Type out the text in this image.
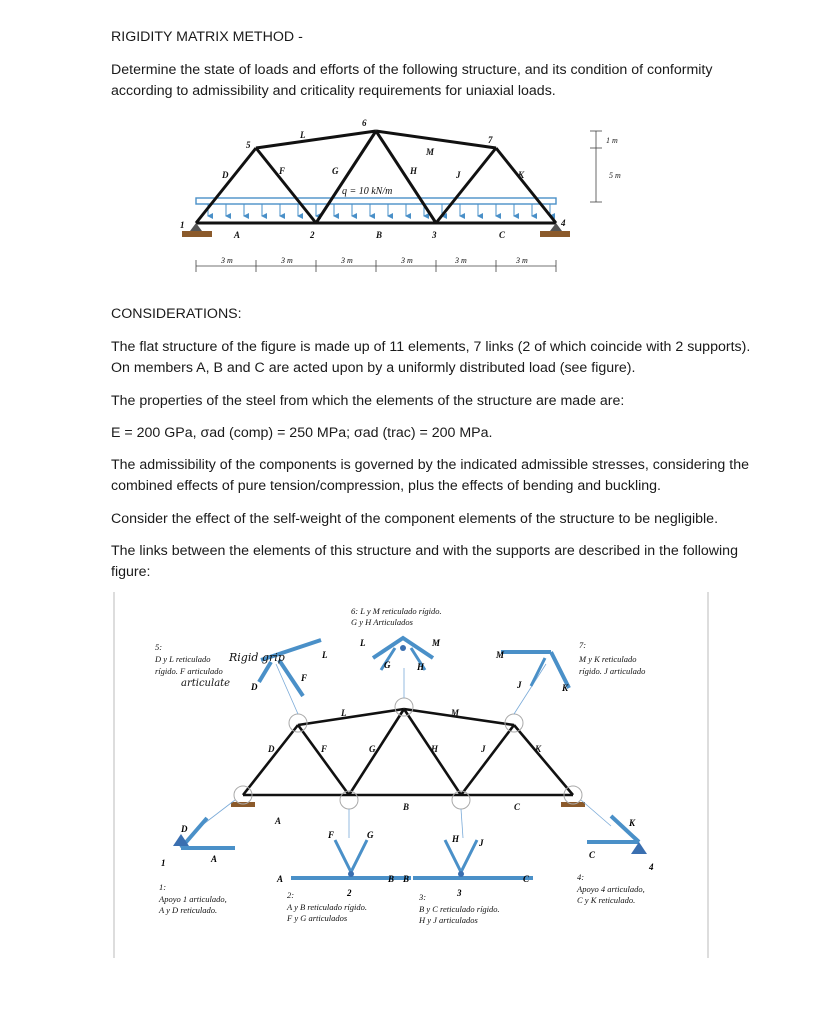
RIGIDITY MATRIX METHOD -

Determine the state of loads and efforts of the following structure, and its condition of conformity according to admissibility and criticality requirements for uniaxial loads.

1 m
5 m
q = 10 kN/m
1
2	3
4
5
6
7
A	B	C
D	F	G	H	J	K
L
M
3 m	3 m	3 m	3 m	3 m	3 m

CONSIDERATIONS:

The flat structure of the figure is made up of 11 elements, 7 links (2 of which coincide with 2 supports). On members A, B and C are acted upon by a uniformly distributed load (see figure).

The properties of the steel from which the elements of the structure are made are:

E = 200 GPa, σad (comp) = 250 MPa; σad (trac) = 200 MPa.

The admissibility of the components is governed by the indicated admissible stresses, considering the combined effects of pure tension/compression, plus the effects of bending and buckling.

Consider the effect of the self-weight of the component elements of the structure to be negligible.

The links between the elements of this structure and with the supports are described in the following figure:

A
B	C
D	F	G	H	J	K
L	M
L
F
D
L	M
G	H
M
J	K
D
A
1
A	B
F	G
2
B	C
H J
3
K
C
4
6: L y M reticulado rígido.
G y H Articulados
5:
D y L reticulado
rígido. F articulado
7:
M y K reticulado
rígido. J articulado
1:
Apoyo 1 articulado,
A y D reticulado.
2:
A y B reticulado rígido.
F y G articulados
3:
B y C reticulado rígido.
H y J articulados
4:
Apoyo 4 articulado,
C y K reticulado.
Rigid grip
articulate
